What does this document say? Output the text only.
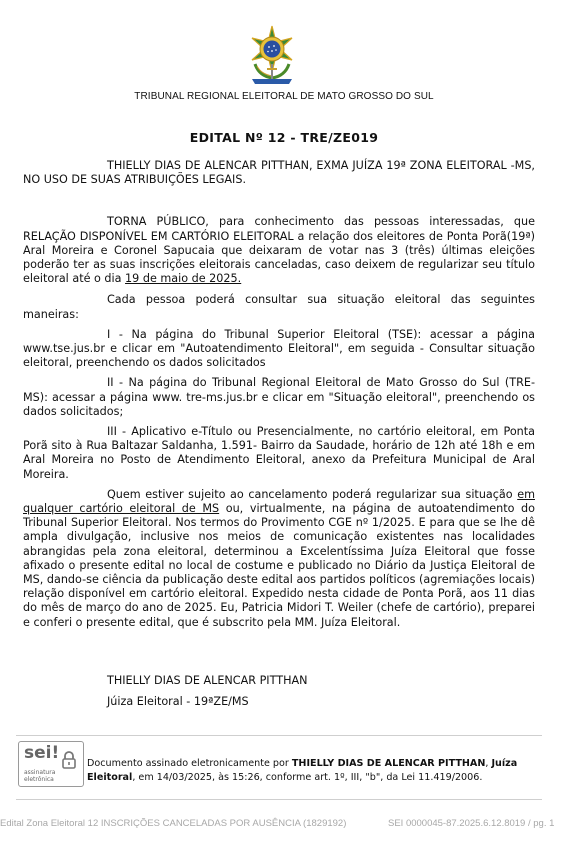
TRIBUNAL REGIONAL ELEITORAL DE MATO GROSSO DO SUL
EDITAL Nº 12 - TRE/ZE019

THIELLY DIAS DE ALENCAR PITTHAN, EXMA JUÍZA 19ª ZONA ELEITORAL -MS, NO USO DE SUAS ATRIBUIÇÕES LEGAIS.

TORNA PÚBLICO, para conhecimento das pessoas interessadas, que RELAÇÃO DISPONÍVEL EM CARTÓRIO ELEITORAL a relação dos eleitores de Ponta Porã(19ª) Aral Moreira e Coronel Sapucaia que deixaram de votar nas 3 (três) últimas eleições poderão ter as suas inscrições eleitorais canceladas, caso deixem de regularizar seu título eleitoral até o dia 19 de maio de 2025.

Cada pessoa poderá consultar sua situação eleitoral das seguintes maneiras:

I - Na página do Tribunal Superior Eleitoral (TSE): acessar a página www.tse.jus.br e clicar em "Autoatendimento Eleitoral", em seguida - Consultar situação eleitoral, preenchendo os dados solicitados

II - Na página do Tribunal Regional Eleitoral de Mato Grosso do Sul (TRE-MS): acessar a página www. tre-ms.jus.br e clicar em "Situação eleitoral", preenchendo os dados solicitados;

III - Aplicativo e-Título ou Presencialmente, no cartório eleitoral, em Ponta Porã sito à Rua Baltazar Saldanha, 1.591- Bairro da Saudade, horário de 12h até 18h e em Aral Moreira no Posto de Atendimento Eleitoral, anexo da Prefeitura Municipal de Aral Moreira.

Quem estiver sujeito ao cancelamento poderá regularizar sua situação em qualquer cartório eleitoral de MS ou, virtualmente, na página de autoatendimento do Tribunal Superior Eleitoral. Nos termos do Provimento CGE nº 1/2025. E para que se lhe dê ampla divulgação, inclusive nos meios de comunicação existentes nas localidades abrangidas pela zona eleitoral, determinou a Excelentíssima Juíza Eleitoral que fosse afixado o presente edital no local de costume e publicado no Diário da Justiça Eleitoral de MS, dando-se ciência da publicação deste edital aos partidos políticos (agremiações locais) relação disponível em cartório eleitoral. Expedido nesta cidade de Ponta Porã, aos 11 dias do mês de março do ano de 2025. Eu, Patricia Midori T. Weiler (chefe de cartório), preparei e conferi o presente edital, que é subscrito pela MM. Juíza Eleitoral.

THIELLY DIAS DE ALENCAR PITTHAN
Júiza Eleitoral - 19ªZE/MS
sei!
assinatura
eletrônica
Documento assinado eletronicamente por THIELLY DIAS DE ALENCAR PITTHAN, Juíza Eleitoral, em 14/03/2025, às 15:26, conforme art. 1º, III, "b", da Lei 11.419/2006.
Edital Zona Eleitoral 12 INSCRIÇÕES CANCELADAS POR AUSÊNCIA (1829192)	SEI 0000045-87.2025.6.12.8019 / pg. 1
